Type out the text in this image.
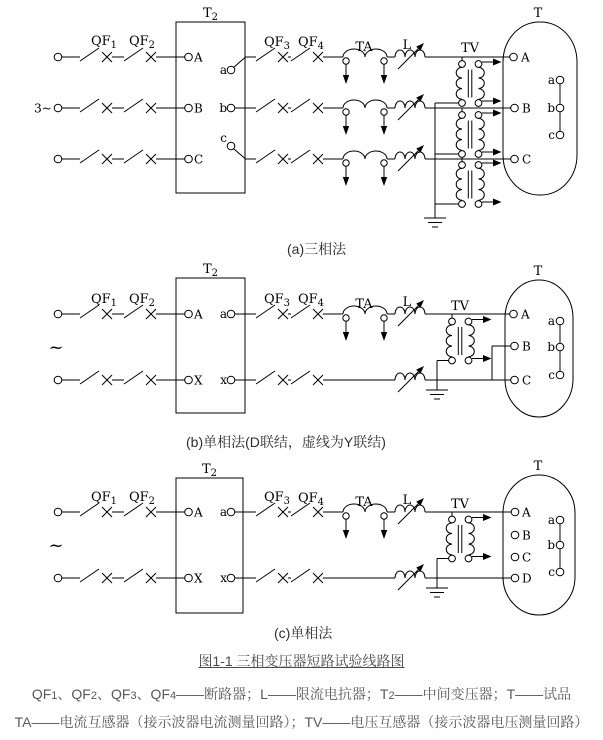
3~
$T_2$
A
B
C
a
b
c
$QF_1$ $QF_2$	$QF_3$ $QF_4$ TA L	TV
T
A
B
C
a
b
c
~
$T_2$
A
X
a
x
$QF_1$ $QF_2$	$QF_3$ $QF_4$ TA L	TV
T
A
B
C
a
b
c
~
$T_2$
A
X
a
x
$QF_1$ $QF_2$	$QF_3$ $QF_4$ TA L	TV
T
A
B
C
D
a
b
c
(a)三相法
(b)单相法(D联结，虚线为Y联结)
(c)单相法
图1-1 三相变压器短路试验线路图
QF1、QF2、QF3、QF4——断路器；L——限流电抗器；T2——中间变压器；T——试品
TA——电流互感器（接示波器电流测量回路）；TV——电压互感器（接示波器电压测量回路）
